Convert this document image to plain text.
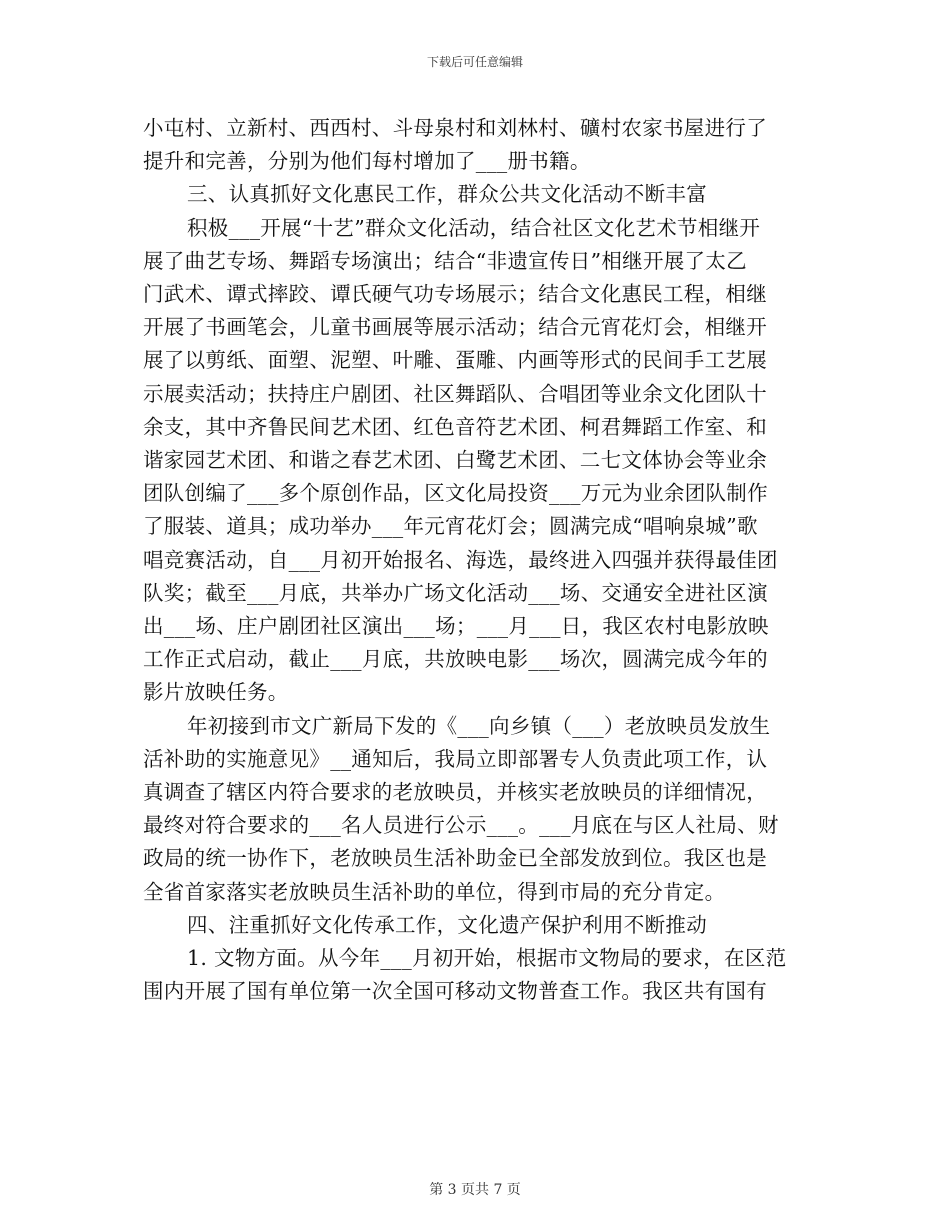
下载后可任意编辑

小屯村、立新村、西西村、斗母泉村和刘林村、礦村农家书屋进行了
提升和完善，分别为他们每村增加了___册书籍。

三、认真抓好文化惠民工作，群众公共文化活动不断丰富

积极___开展“十艺”群众文化活动，结合社区文化艺术节相继开
展了曲艺专场、舞蹈专场演出；结合“非遗宣传日”相继开展了太乙
门武术、谭式摔跤、谭氏硬气功专场展示；结合文化惠民工程，相继
开展了书画笔会，儿童书画展等展示活动；结合元宵花灯会，相继开
展了以剪纸、面塑、泥塑、叶雕、蛋雕、内画等形式的民间手工艺展
示展卖活动；扶持庄户剧团、社区舞蹈队、合唱团等业余文化团队十
余支，其中齐鲁民间艺术团、红色音符艺术团、柯君舞蹈工作室、和
谐家园艺术团、和谐之春艺术团、白鹭艺术团、二七文体协会等业余
团队创编了___多个原创作品，区文化局投资___万元为业余团队制作
了服装、道具；成功举办___年元宵花灯会；圆满完成“唱响泉城”歌
唱竞赛活动，自___月初开始报名、海选，最终进入四强并获得最佳团
队奖；截至___月底，共举办广场文化活动___场、交通安全进社区演
出___场、庄户剧团社区演出___场；___月___日，我区农村电影放映
工作正式启动，截止___月底，共放映电影___场次，圆满完成今年的
影片放映任务。

年初接到市文广新局下发的《___向乡镇（___）老放映员发放生
活补助的实施意见》__通知后，我局立即部署专人负责此项工作，认
真调查了辖区内符合要求的老放映员，并核实老放映员的详细情况，
最终对符合要求的___名人员进行公示___。___月底在与区人社局、财
政局的统一协作下，老放映员生活补助金已全部发放到位。我区也是
全省首家落实老放映员生活补助的单位，得到市局的充分肯定。

四、注重抓好文化传承工作，文化遗产保护利用不断推动

1. 文物方面。从今年___月初开始，根据市文物局的要求，在区范
围内开展了国有单位第一次全国可移动文物普查工作。我区共有国有

第 3 页共 7 页
